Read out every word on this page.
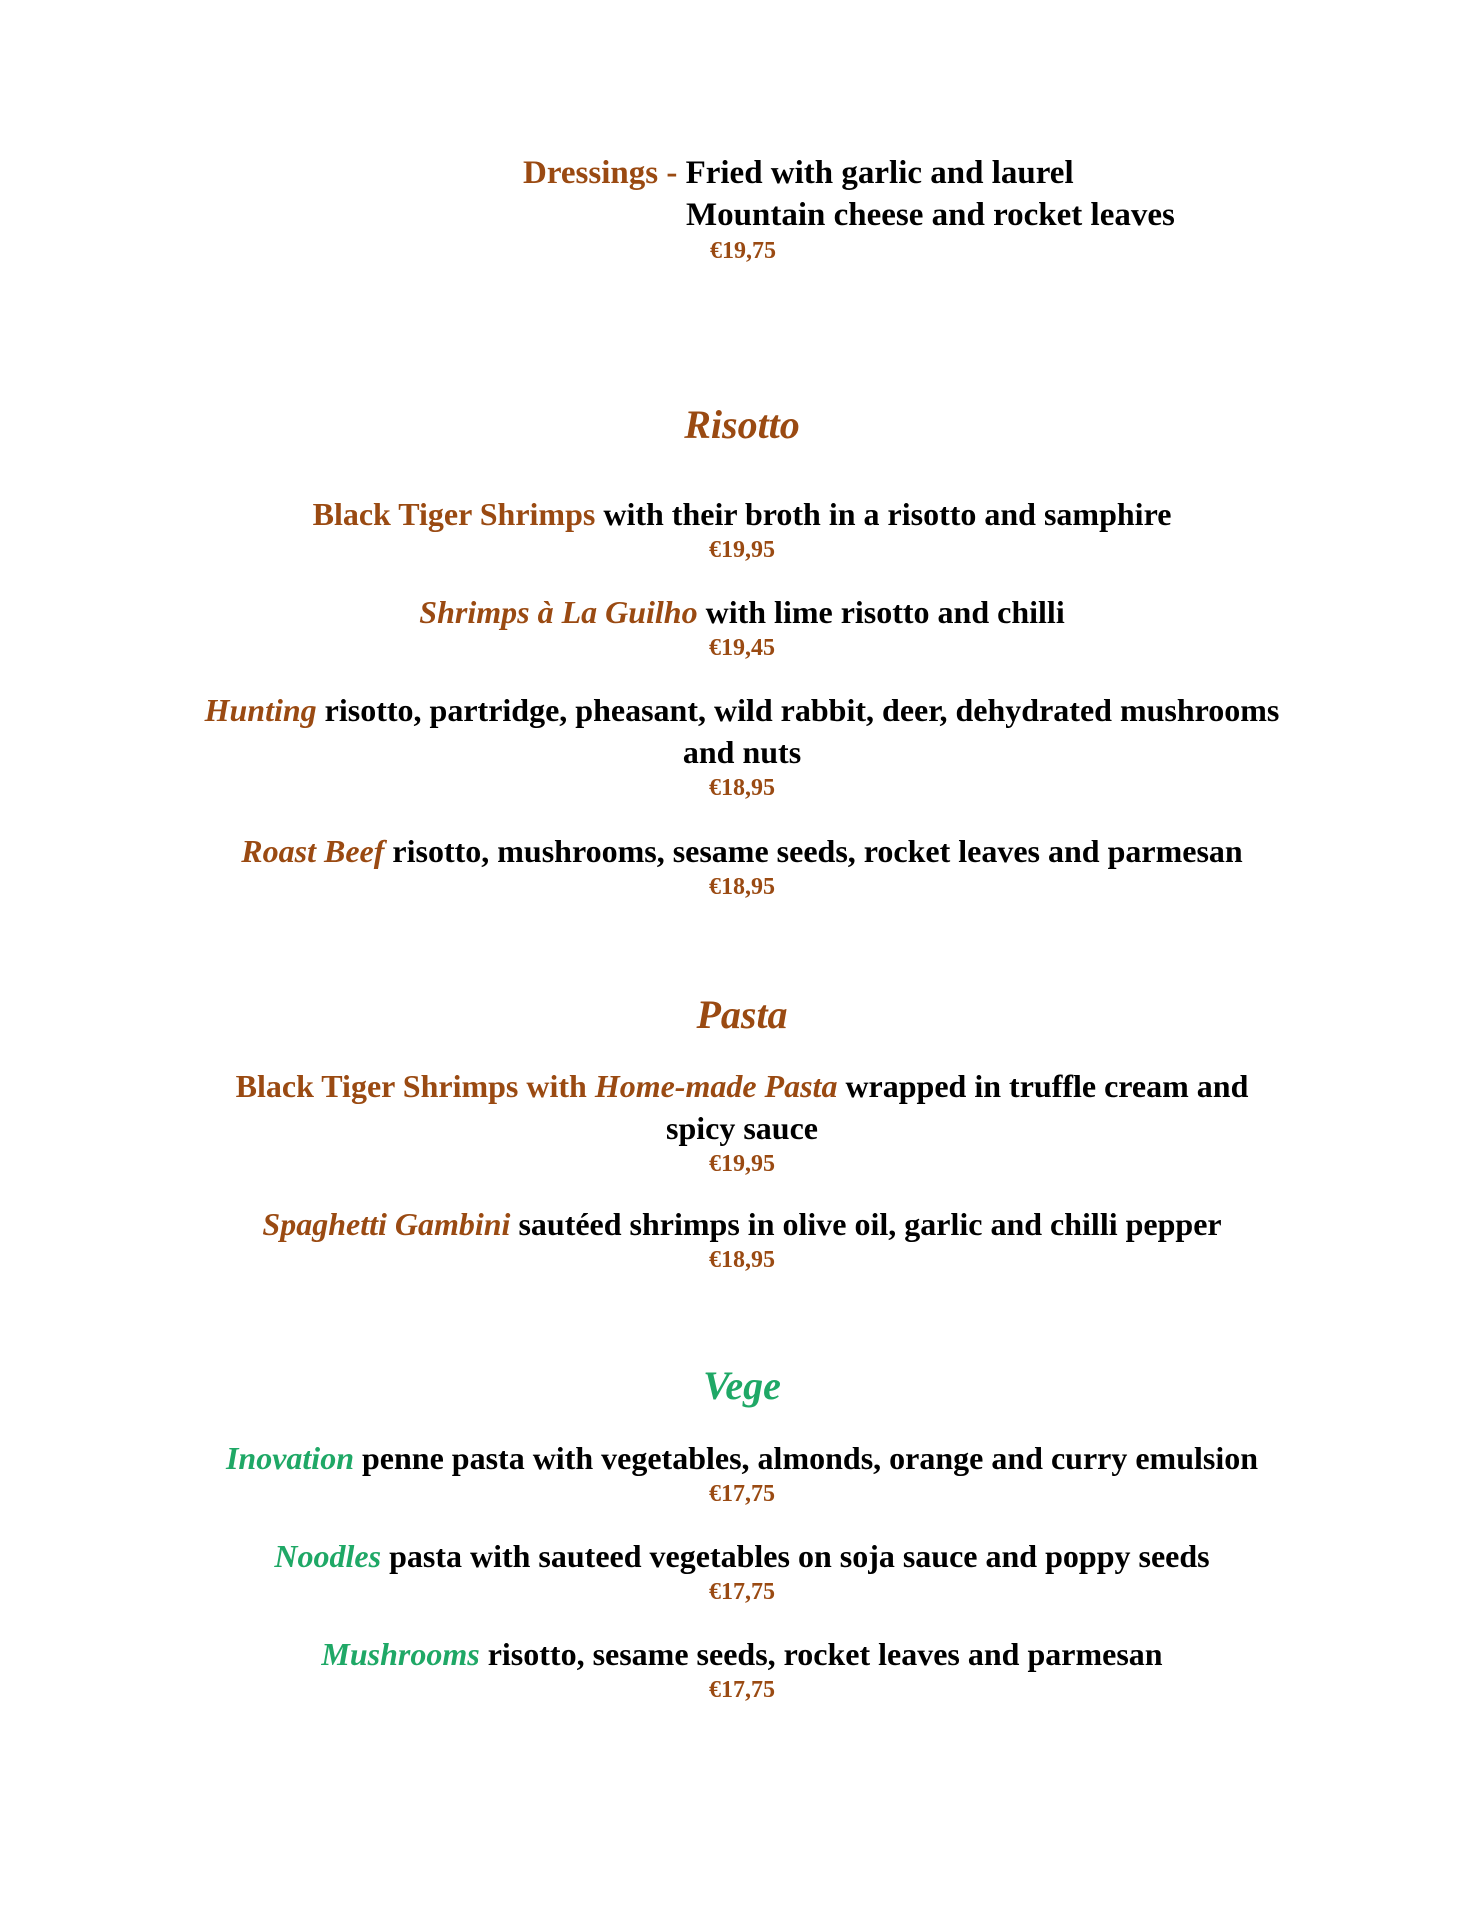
Dressings - Fried with garlic and laurel
Mountain cheese and rocket leaves
€19,75
Risotto
Black Tiger Shrimps with their broth in a risotto and samphire
€19,95
Shrimps à La Guilho with lime risotto and chilli
€19,45
Hunting risotto, partridge, pheasant, wild rabbit, deer, dehydrated mushrooms
and nuts
€18,95
Roast Beef risotto, mushrooms, sesame seeds, rocket leaves and parmesan
€18,95
Pasta
Black Tiger Shrimps with Home-made Pasta wrapped in truffle cream and
spicy sauce
€19,95
Spaghetti Gambini sautéed shrimps in olive oil, garlic and chilli pepper
€18,95
Vege
Inovation penne pasta with vegetables, almonds, orange and curry emulsion
€17,75
Noodles pasta with sauteed vegetables on soja sauce and poppy seeds
€17,75
Mushrooms risotto, sesame seeds, rocket leaves and parmesan
€17,75
